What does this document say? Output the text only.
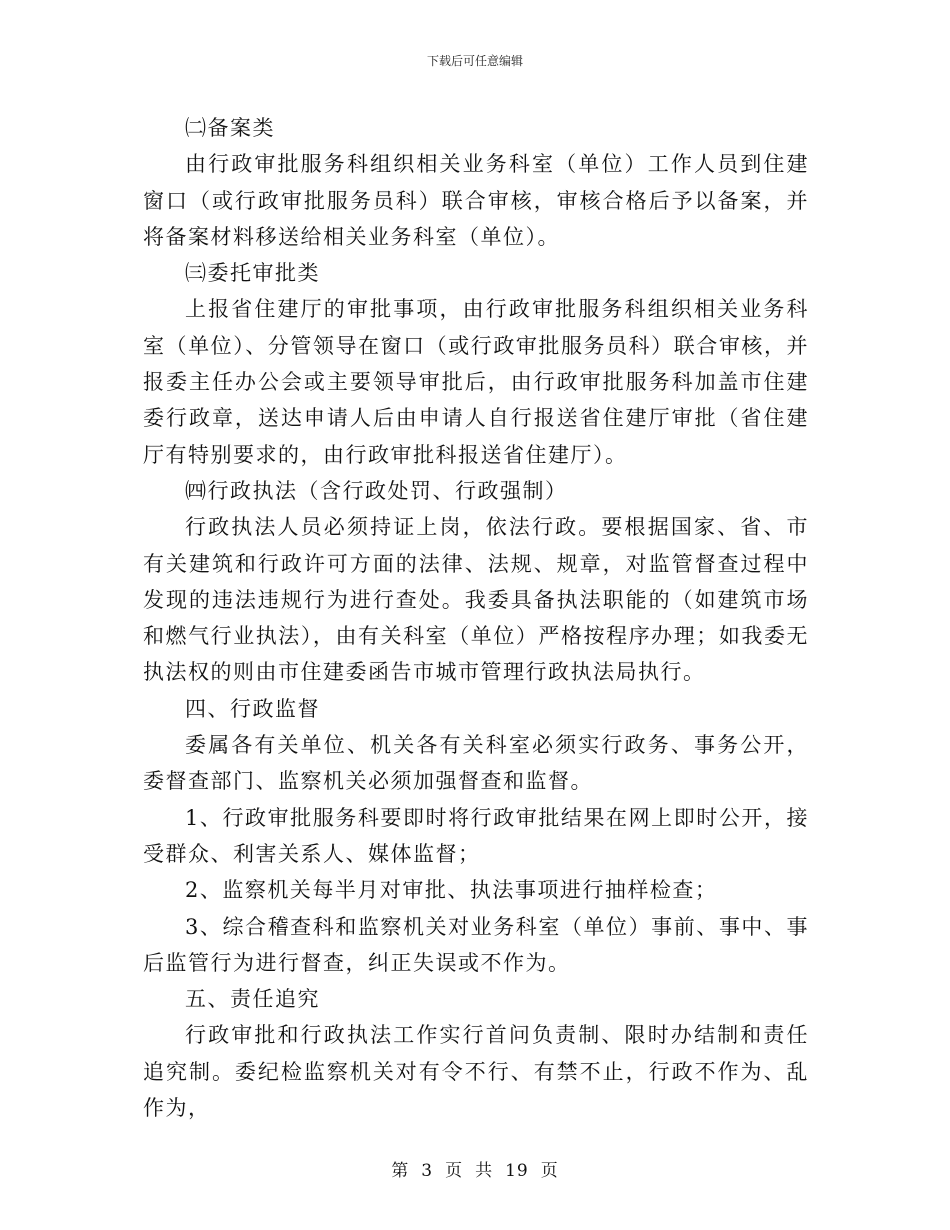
下载后可任意编辑

㈡备案类

由行政审批服务科组织相关业务科室（单位）工作人员到住建窗口（或行政审批服务员科）联合审核，审核合格后予以备案，并将备案材料移送给相关业务科室（单位）。

㈢委托审批类

上报省住建厅的审批事项，由行政审批服务科组织相关业务科室（单位）、分管领导在窗口（或行政审批服务员科）联合审核，并报委主任办公会或主要领导审批后，由行政审批服务科加盖市住建委行政章，送达申请人后由申请人自行报送省住建厅审批（省住建厅有特别要求的，由行政审批科报送省住建厅）。

㈣行政执法（含行政处罚、行政强制）

行政执法人员必须持证上岗，依法行政。要根据国家、省、市有关建筑和行政许可方面的法律、法规、规章，对监管督查过程中发现的违法违规行为进行查处。我委具备执法职能的（如建筑市场和燃气行业执法），由有关科室（单位）严格按程序办理；如我委无执法权的则由市住建委函告市城市管理行政执法局执行。

四、行政监督

委属各有关单位、机关各有关科室必须实行政务、事务公开，委督查部门、监察机关必须加强督查和监督。

1、行政审批服务科要即时将行政审批结果在网上即时公开，接受群众、利害关系人、媒体监督；

2、监察机关每半月对审批、执法事项进行抽样检查；

3、综合稽查科和监察机关对业务科室（单位）事前、事中、事后监管行为进行督查，纠正失误或不作为。

五、责任追究

行政审批和行政执法工作实行首问负责制、限时办结制和责任追究制。委纪检监察机关对有令不行、有禁不止，行政不作为、乱作为，

第 3 页 共 19 页
